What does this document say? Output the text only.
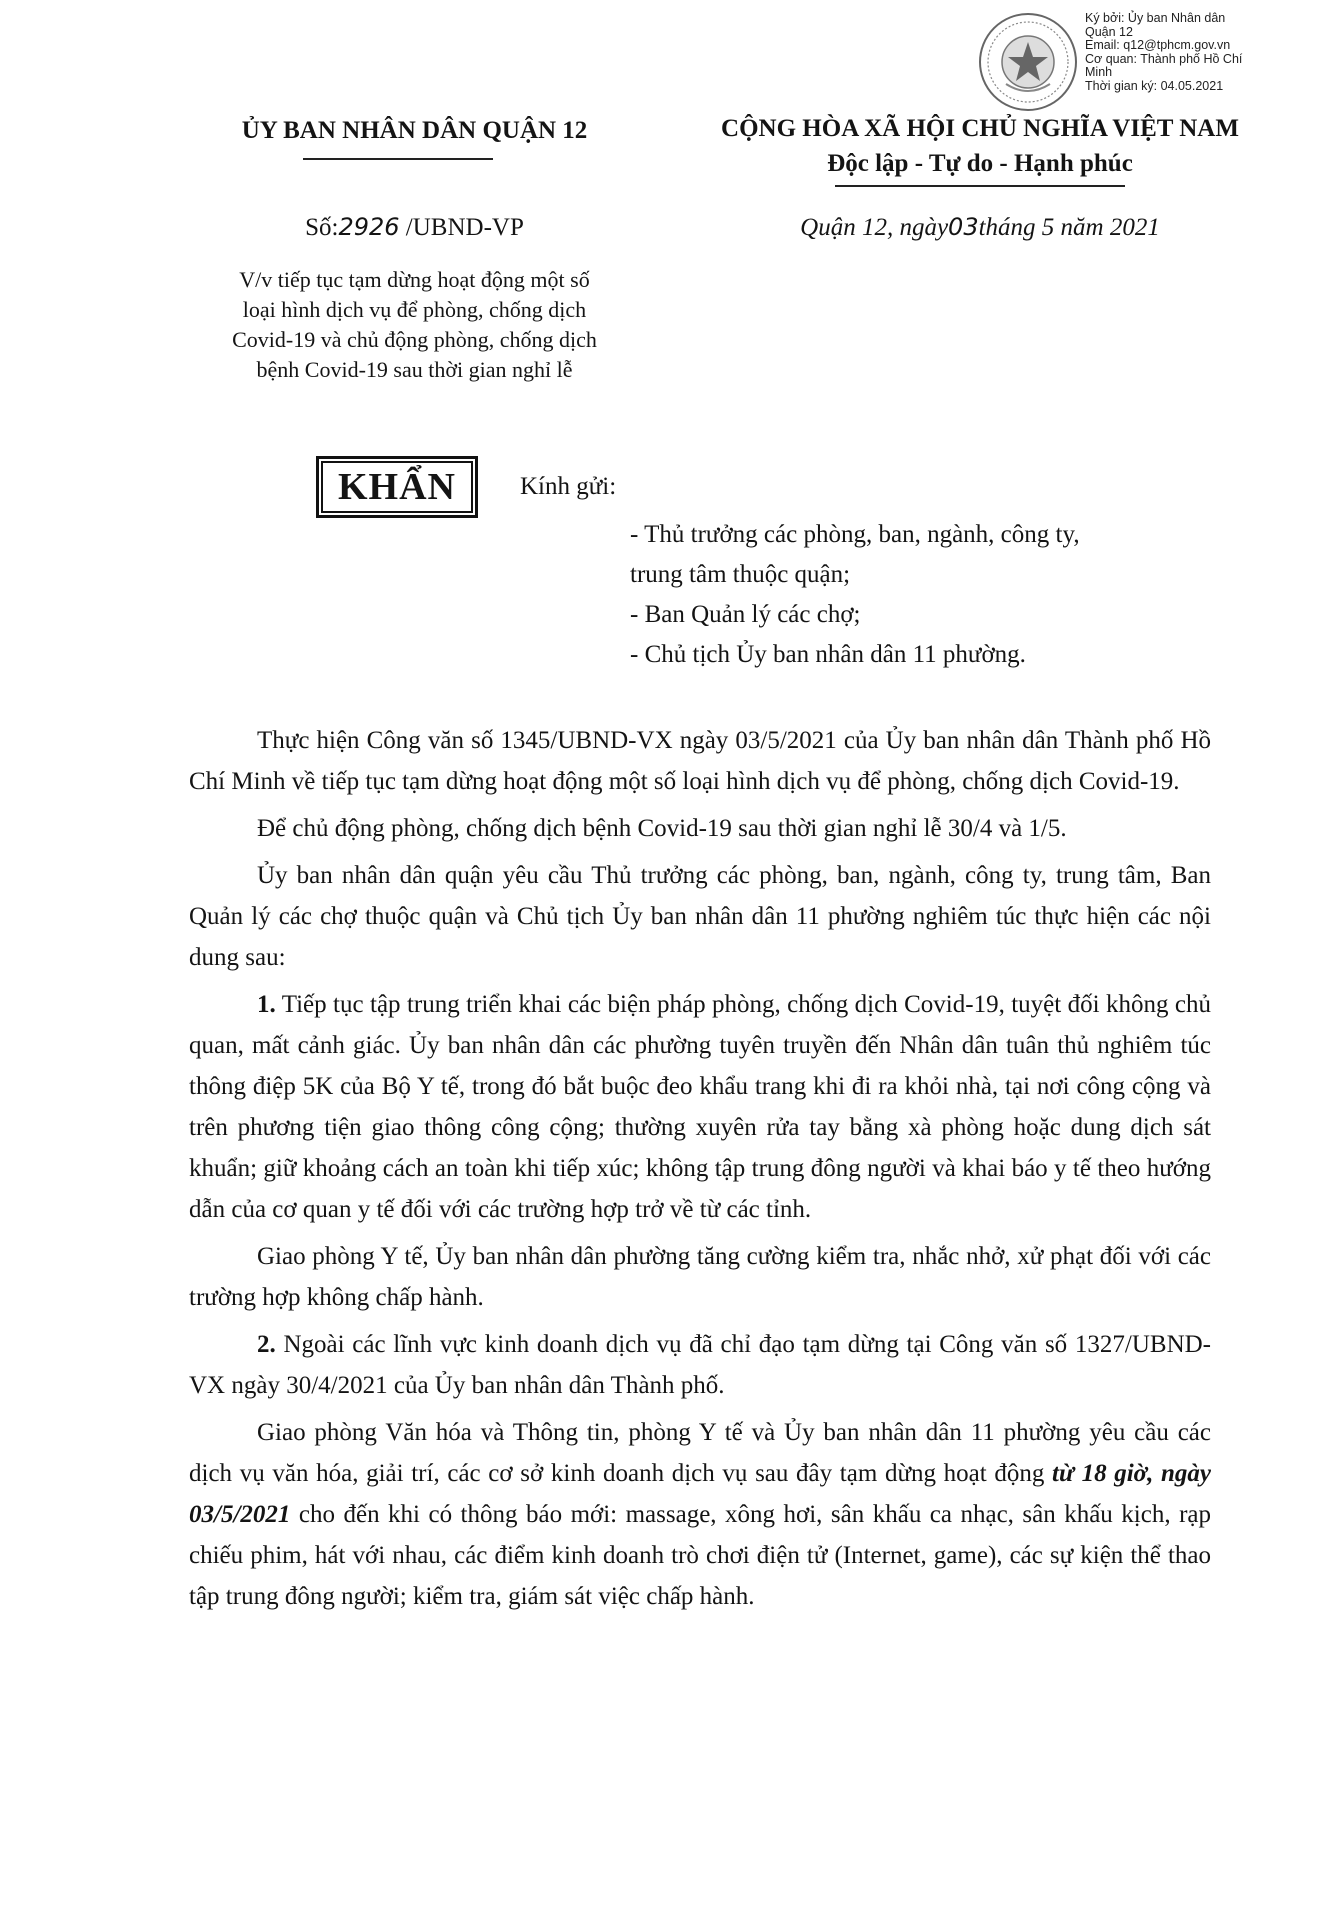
Ký bởi: Ủy ban Nhân dân
Quận 12
Email: q12@tphcm.gov.vn
Cơ quan: Thành phố Hồ Chí
Minh
Thời gian ký: 04.05.2021
ỦY BAN NHÂN DÂN QUẬN 12	CỘNG HÒA XÃ HỘI CHỦ NGHĨA VIỆT NAM
Độc lập - Tự do - Hạnh phúc
Số:2926 /UBND-VP	Quận 12, ngày03tháng 5 năm 2021
V/v tiếp tục tạm dừng hoạt động một số
loại hình dịch vụ để phòng, chống dịch
Covid-19 và chủ động phòng, chống dịch
bệnh Covid-19 sau thời gian nghỉ lễ
KHẨN	Kính gửi:
- Thủ trưởng các phòng, ban, ngành, công ty,
trung tâm thuộc quận;
- Ban Quản lý các chợ;
- Chủ tịch Ủy ban nhân dân 11 phường.

Thực hiện Công văn số 1345/UBND-VX ngày 03/5/2021 của Ủy ban nhân dân Thành phố Hồ Chí Minh về tiếp tục tạm dừng hoạt động một số loại hình dịch vụ để phòng, chống dịch Covid-19.

Để chủ động phòng, chống dịch bệnh Covid-19 sau thời gian nghỉ lễ 30/4 và 1/5.

Ủy ban nhân dân quận yêu cầu Thủ trưởng các phòng, ban, ngành, công ty, trung tâm, Ban Quản lý các chợ thuộc quận và Chủ tịch Ủy ban nhân dân 11 phường nghiêm túc thực hiện các nội dung sau:

1. Tiếp tục tập trung triển khai các biện pháp phòng, chống dịch Covid-19, tuyệt đối không chủ quan, mất cảnh giác. Ủy ban nhân dân các phường tuyên truyền đến Nhân dân tuân thủ nghiêm túc thông điệp 5K của Bộ Y tế, trong đó bắt buộc đeo khẩu trang khi đi ra khỏi nhà, tại nơi công cộng và trên phương tiện giao thông công cộng; thường xuyên rửa tay bằng xà phòng hoặc dung dịch sát khuẩn; giữ khoảng cách an toàn khi tiếp xúc; không tập trung đông người và khai báo y tế theo hướng dẫn của cơ quan y tế đối với các trường hợp trở về từ các tỉnh.

Giao phòng Y tế, Ủy ban nhân dân phường tăng cường kiểm tra, nhắc nhở, xử phạt đối với các trường hợp không chấp hành.

2. Ngoài các lĩnh vực kinh doanh dịch vụ đã chỉ đạo tạm dừng tại Công văn số 1327/UBND-VX ngày 30/4/2021 của Ủy ban nhân dân Thành phố.

Giao phòng Văn hóa và Thông tin, phòng Y tế và Ủy ban nhân dân 11 phường yêu cầu các dịch vụ văn hóa, giải trí, các cơ sở kinh doanh dịch vụ sau đây tạm dừng hoạt động từ 18 giờ, ngày 03/5/2021 cho đến khi có thông báo mới: massage, xông hơi, sân khấu ca nhạc, sân khấu kịch, rạp chiếu phim, hát với nhau, các điểm kinh doanh trò chơi điện tử (Internet, game), các sự kiện thể thao tập trung đông người; kiểm tra, giám sát việc chấp hành.
